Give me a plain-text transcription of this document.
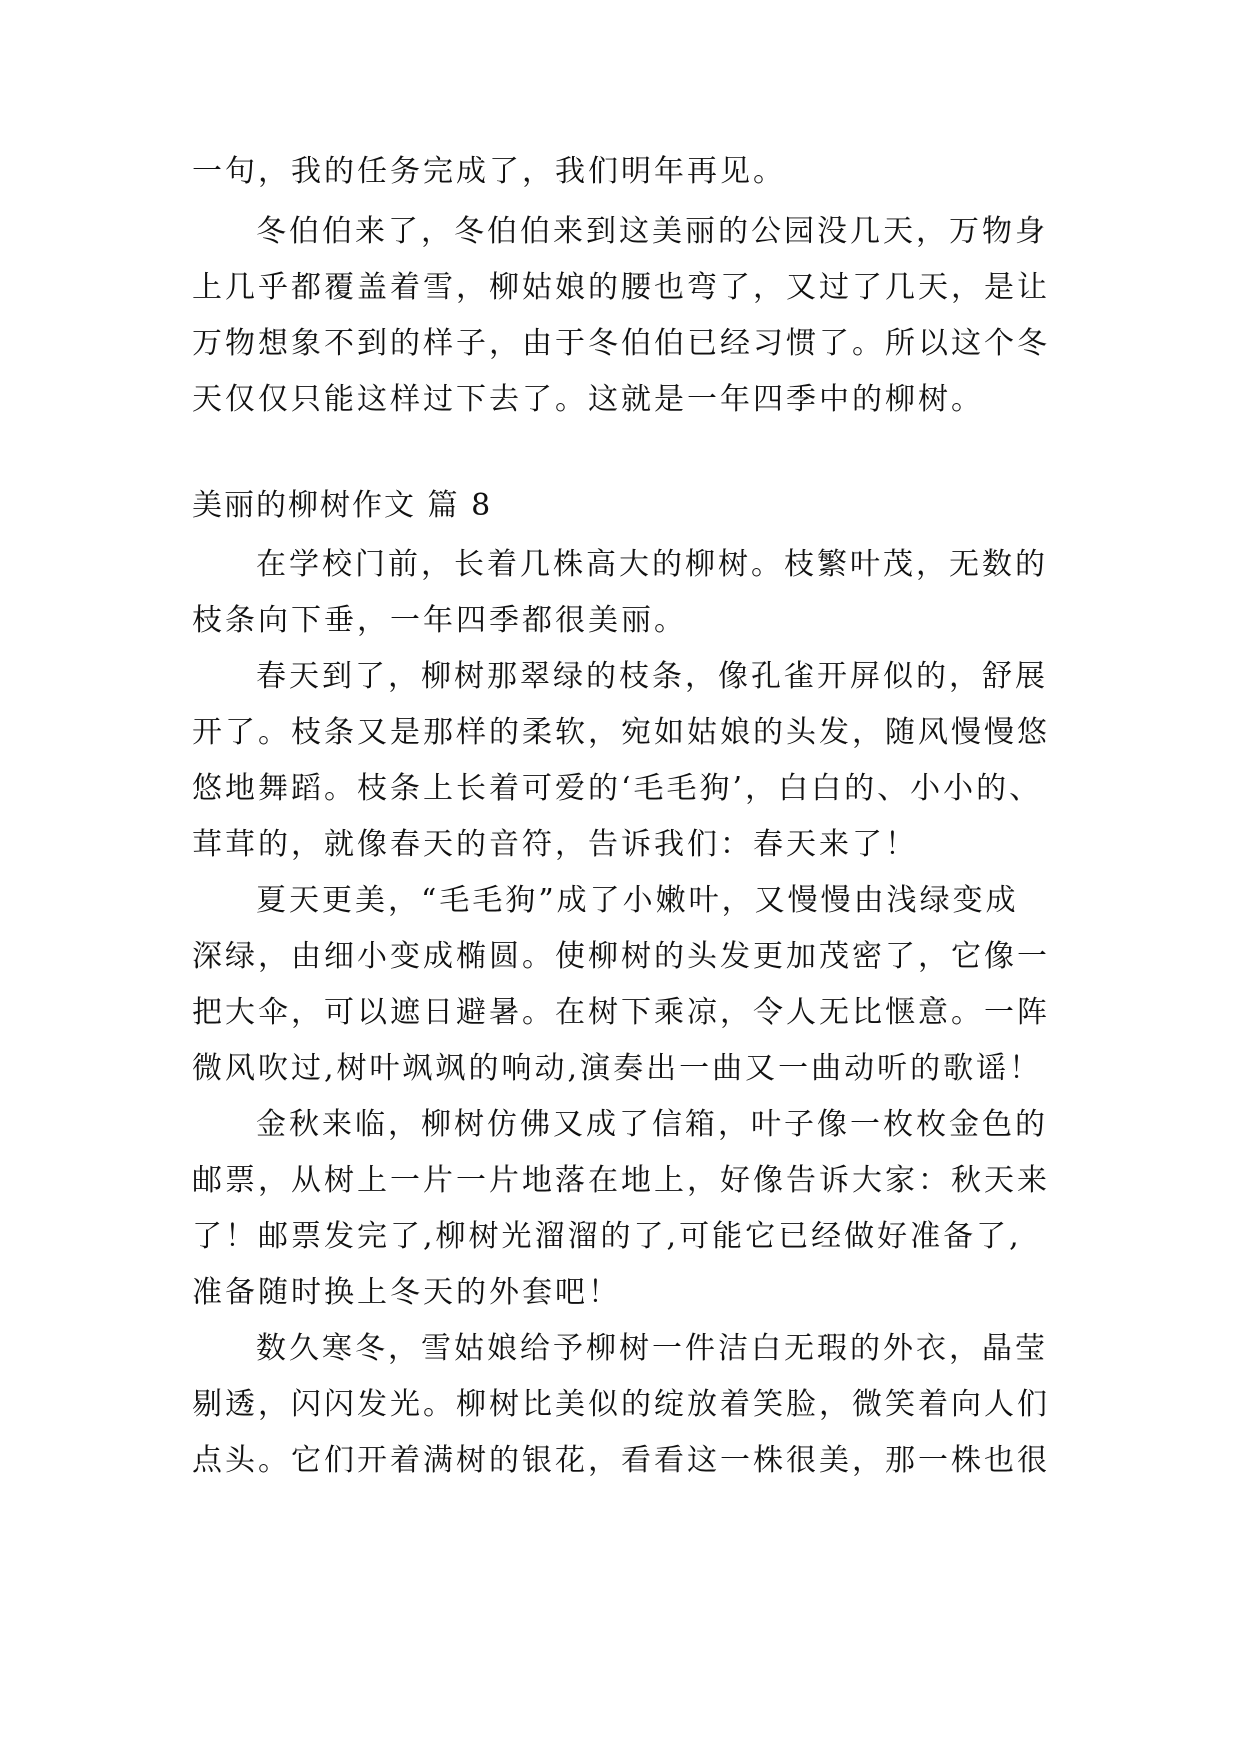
一句，我的任务完成了，我们明年再见。
冬伯伯来了，冬伯伯来到这美丽的公园没几天，万物身
上几乎都覆盖着雪，柳姑娘的腰也弯了，又过了几天，是让
万物想象不到的样子，由于冬伯伯已经习惯了。所以这个冬
天仅仅只能这样过下去了。这就是一年四季中的柳树。
美丽的柳树作文 篇 8
在学校门前，长着几株高大的柳树。枝繁叶茂，无数的
枝条向下垂，一年四季都很美丽。
春天到了，柳树那翠绿的枝条，像孔雀开屏似的，舒展
开了。枝条又是那样的柔软，宛如姑娘的头发，随风慢慢悠
悠地舞蹈。枝条上长着可爱的‘毛毛狗’，白白的、小小的、
茸茸的，就像春天的音符，告诉我们：春天来了！
夏天更美，“毛毛狗”成了小嫩叶，又慢慢由浅绿变成
深绿，由细小变成椭圆。使柳树的头发更加茂密了，它像一
把大伞，可以遮日避暑。在树下乘凉，令人无比惬意。一阵
微风吹过,树叶飒飒的响动,演奏出一曲又一曲动听的歌谣！
金秋来临，柳树仿佛又成了信箱，叶子像一枚枚金色的
邮票，从树上一片一片地落在地上，好像告诉大家：秋天来
了！邮票发完了,柳树光溜溜的了,可能它已经做好准备了,
准备随时换上冬天的外套吧！
数久寒冬，雪姑娘给予柳树一件洁白无瑕的外衣，晶莹
剔透，闪闪发光。柳树比美似的绽放着笑脸，微笑着向人们
点头。它们开着满树的银花，看看这一株很美，那一株也很
